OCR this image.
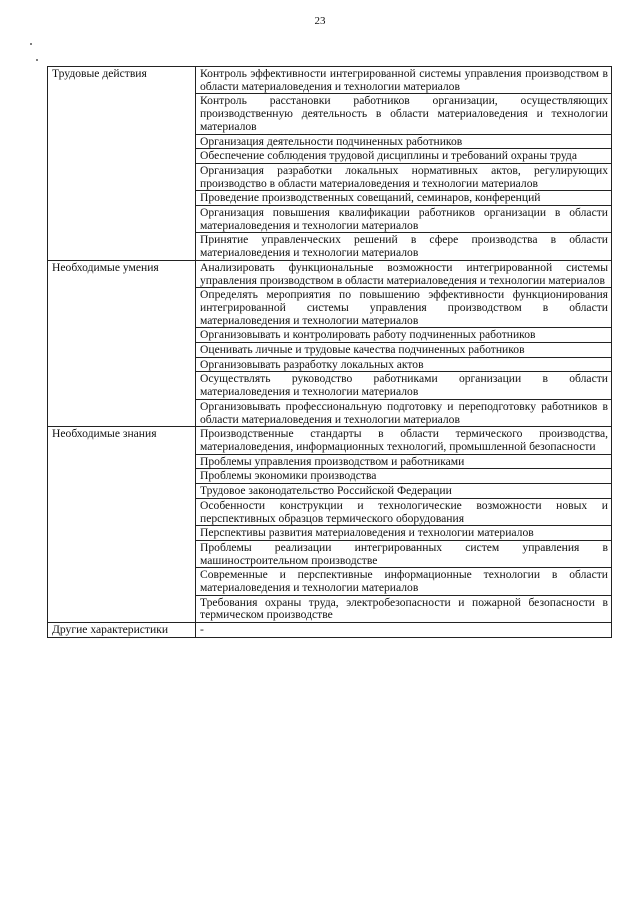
23
Трудовые действия	Контроль эффективности интегрированной системы управления производством в области материаловедения и технологии материалов
	Контроль расстановки работников организации, осуществляющих производственную деятельность в области материаловедения и технологии материалов
	Организация деятельности подчиненных работников
	Обеспечение соблюдения трудовой дисциплины и требований охраны труда
	Организация разработки локальных нормативных актов, регулирующих производство в области материаловедения и технологии материалов
	Проведение производственных совещаний, семинаров, конференций
	Организация повышения квалификации работников организации в области материаловедения и технологии материалов
	Принятие управленческих решений в сфере производства в области материаловедения и технологии материалов
Необходимые умения	Анализировать функциональные возможности интегрированной системы управления производством в области материаловедения и технологии материалов
	Определять мероприятия по повышению эффективности функционирования интегрированной системы управления производством в области материаловедения и технологии материалов
	Организовывать и контролировать работу подчиненных работников
	Оценивать личные и трудовые качества подчиненных работников
	Организовывать разработку локальных актов
	Осуществлять руководство работниками организации в области материаловедения и технологии материалов
	Организовывать профессиональную подготовку и переподготовку работников в области материаловедения и технологии материалов
Необходимые знания	Производственные стандарты в области термического производства, материаловедения, информационных технологий, промышленной безопасности
	Проблемы управления производством и работниками
	Проблемы экономики производства
	Трудовое законодательство Российской Федерации
	Особенности конструкции и технологические возможности новых и перспективных образцов термического оборудования
	Перспективы развития материаловедения и технологии материалов
	Проблемы реализации интегрированных систем управления в машиностроительном производстве
	Современные и перспективные информационные технологии в области материаловедения и технологии материалов
	Требования охраны труда, электробезопасности и пожарной безопасности в термическом производстве
Другие характеристики	-
